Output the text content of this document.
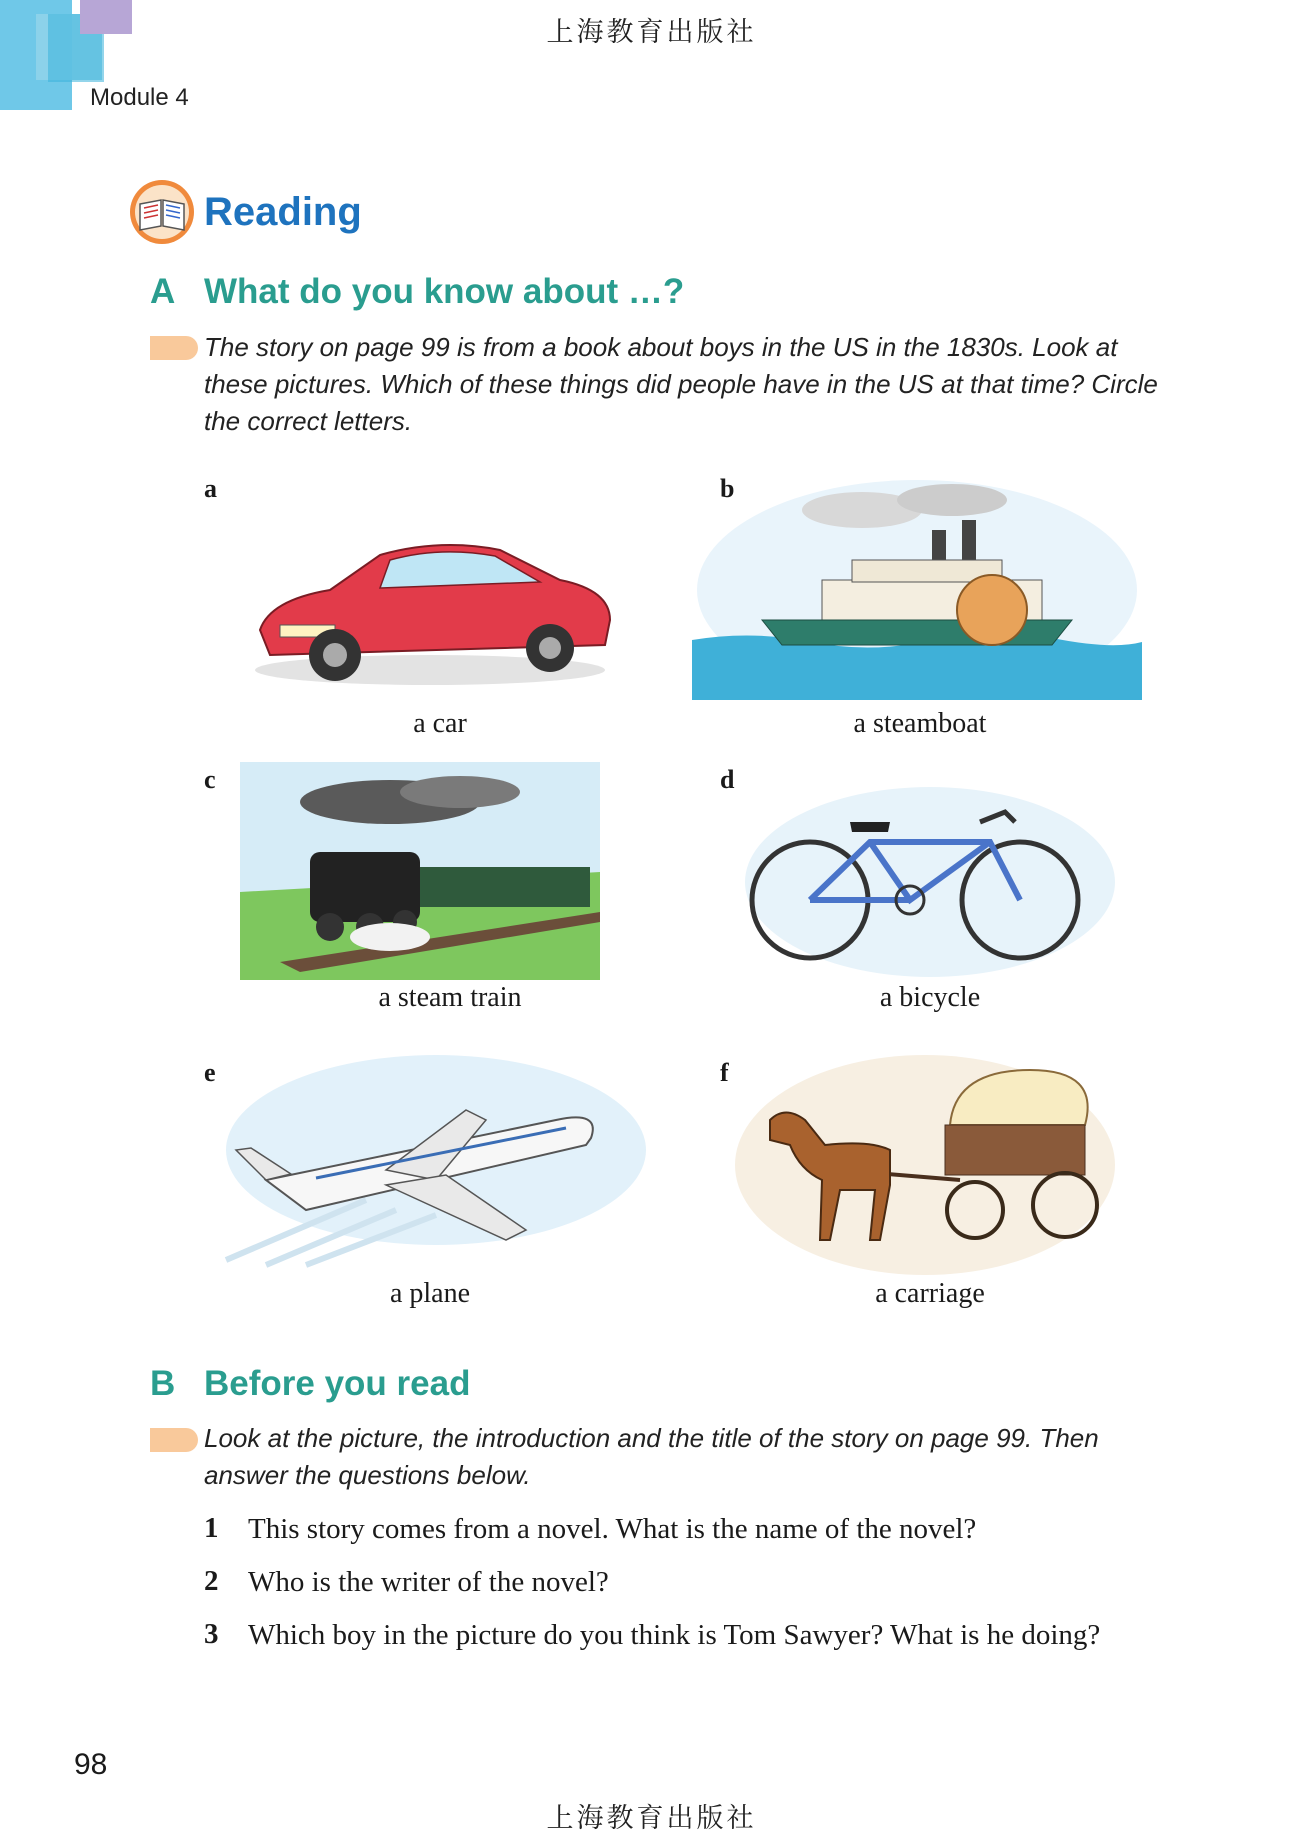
上海教育出版社
Module 4
Reading
A What do you know about …?
The story on page 99 is from a book about boys in the US in the 1830s. Look at these pictures. Which of these things did people have in the US at that time? Circle the correct letters.
a
a car
b
a steamboat
c
a steam train
d
a bicycle
e
a plane
f
a carriage
B Before you read
Look at the picture, the introduction and the title of the story on page 99. Then answer the questions below.
1 This story comes from a novel. What is the name of the novel?
2 Who is the writer of the novel?
3 Which boy in the picture do you think is Tom Sawyer? What is he doing?
98
上海教育出版社
